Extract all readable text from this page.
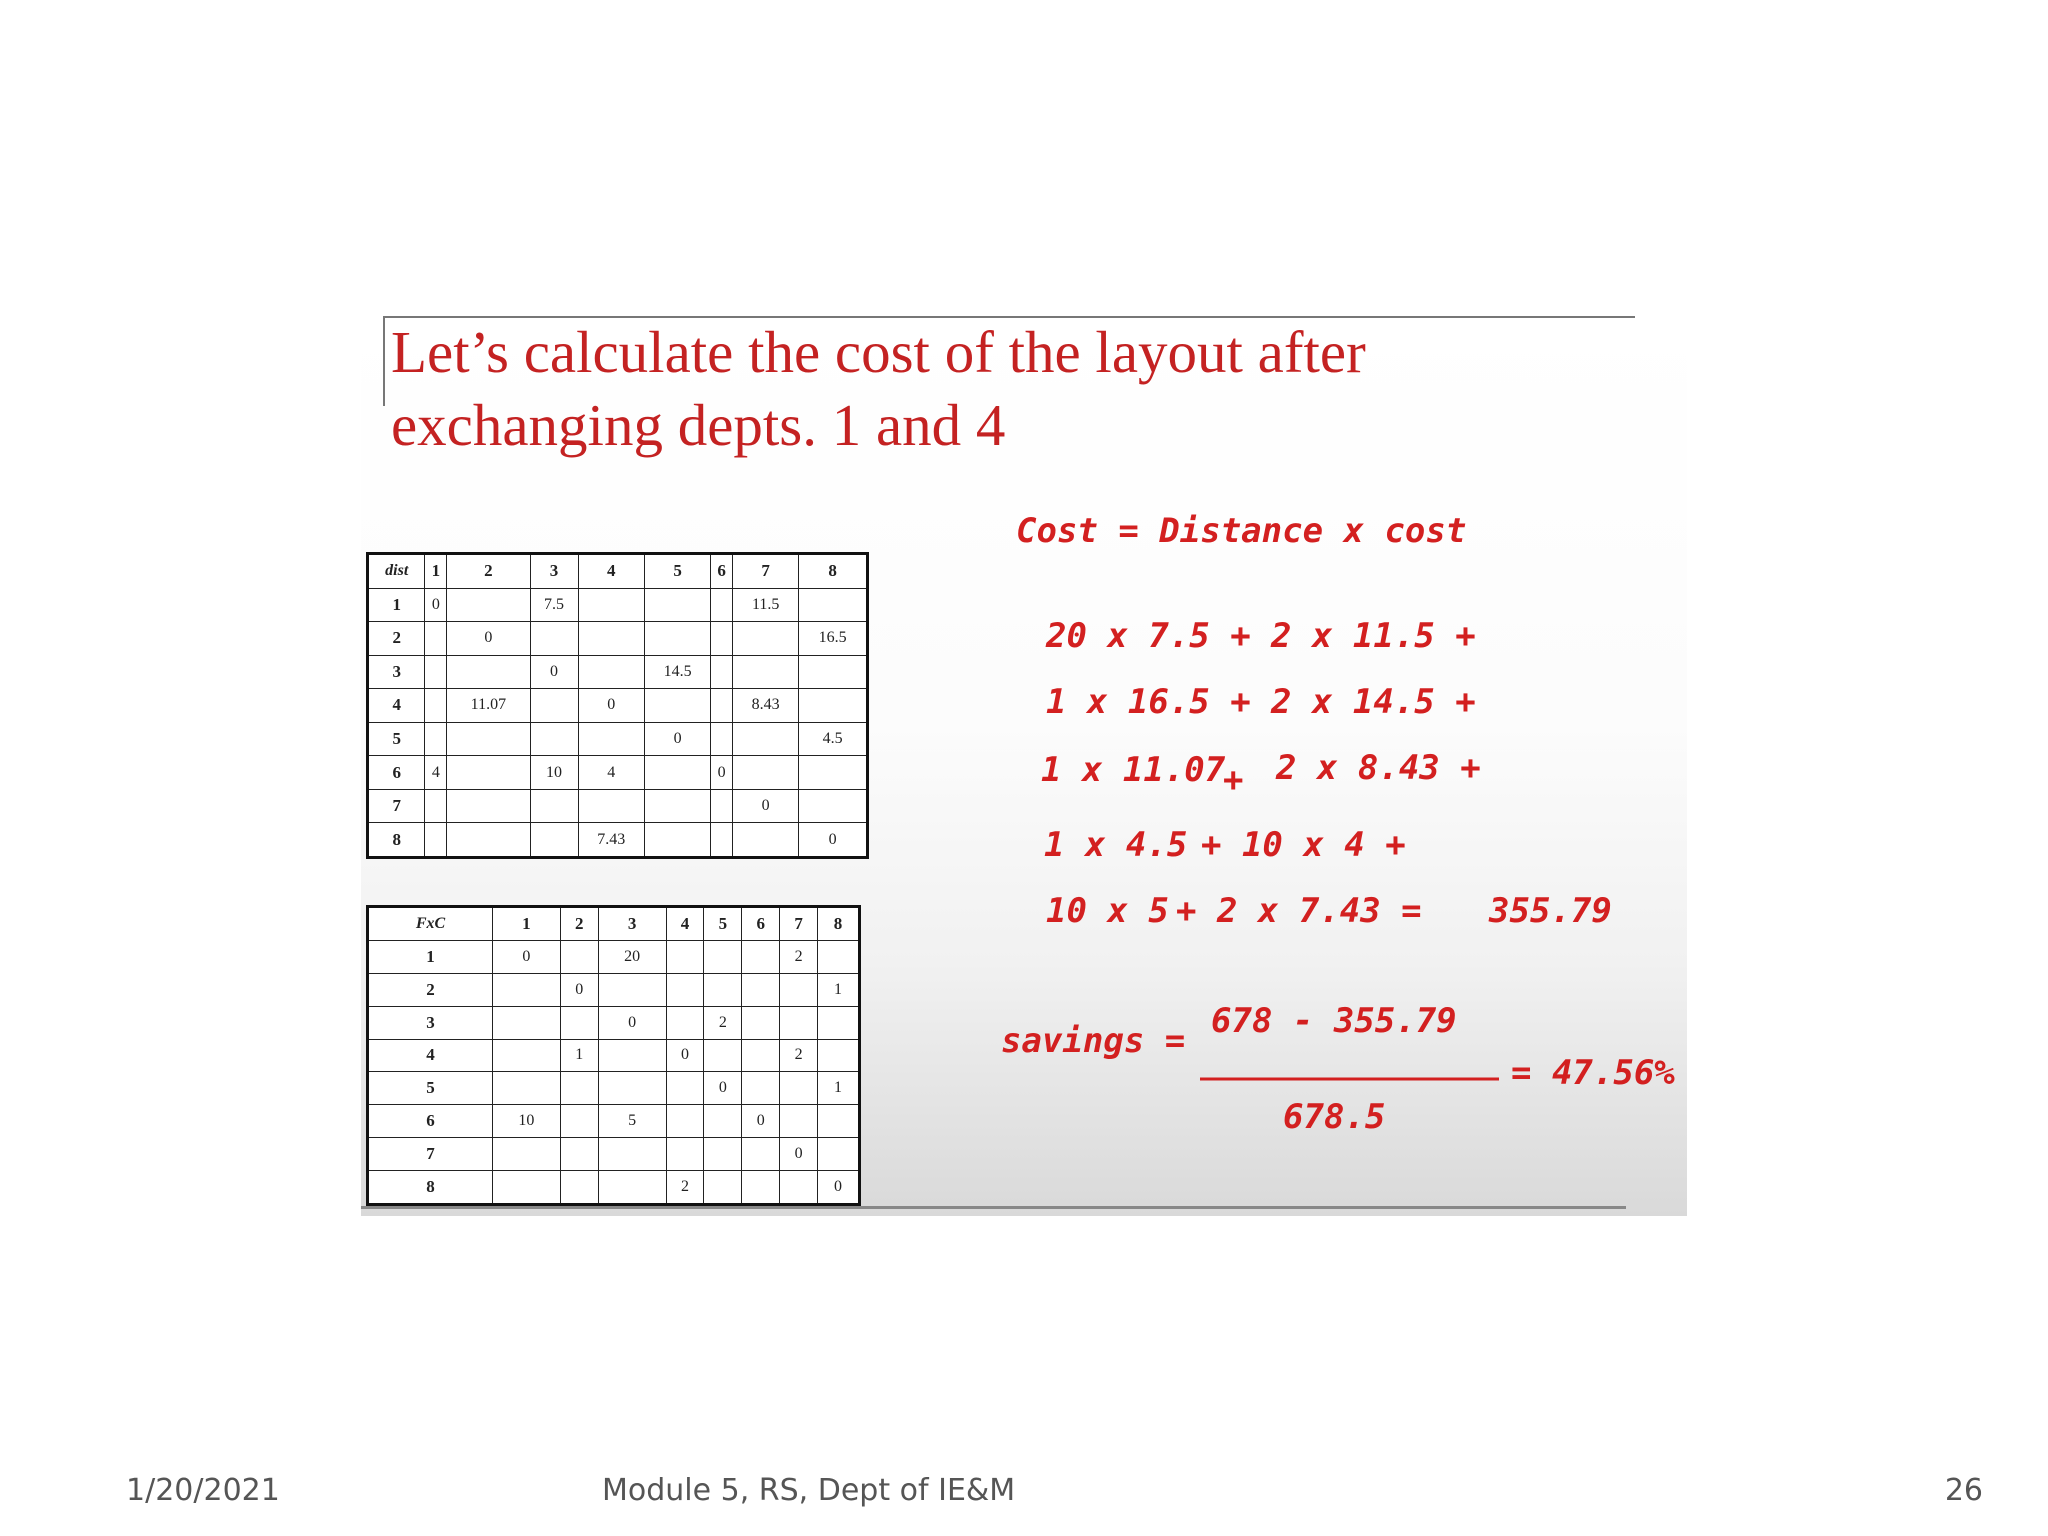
Let’s calculate the cost of the layout after
exchanging depts. 1 and 4
dist	1	2	3	4	5	6	7	8
1	0		7.5				11.5	
2		0						16.5
3			0		14.5			
4		11.07		0			8.43	
5					0			4.5
6	4		10	4		0		
7							0	
8				7.43				0
FxC	1	2	3	4	5	6	7	8
1	0		20				2	
2		0						1
3			0		2			
4		1		0			2	
5					0			1
6	10		5			0		
7							0	
8				2				0
Cost = Distance x cost
20 x 7.5 + 2 x 11.5 +
1 x 16.5 + 2 x 14.5 +
1 x 11.07
+ 2 x 8.43 +
1 x 4.5 + 10 x 4 +
10 x 5 + 2 x 7.43 = 355.79
savings = 678 - 355.79
678.5
= 47.56%
1/20/2021	Module 5, RS, Dept of IE&M	26
